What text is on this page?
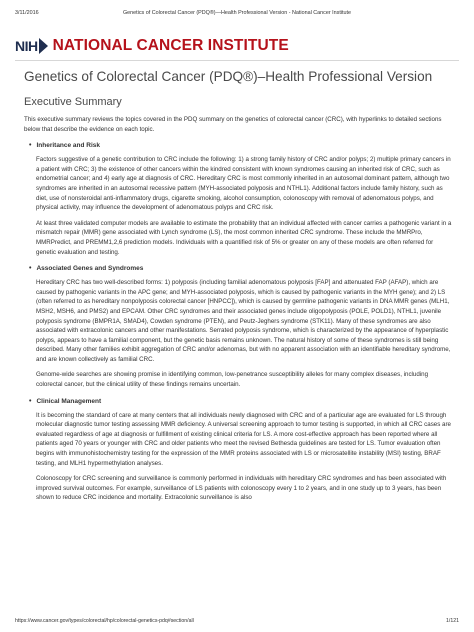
3/11/2016	Genetics of Colorectal Cancer (PDQ®)—Health Professional Version - National Cancer Institute
NIH NATIONAL CANCER INSTITUTE
Genetics of Colorectal Cancer (PDQ®)–Health Professional Version
Executive Summary

This executive summary reviews the topics covered in the PDQ summary on the genetics of colorectal cancer (CRC), with hyperlinks to detailed sections below that describe the evidence on each topic.

• Inheritance and Risk

Factors suggestive of a genetic contribution to CRC include the following: 1) a strong family history of CRC and/or polyps; 2) multiple primary cancers in a patient with CRC; 3) the existence of other cancers within the kindred consistent with known syndromes causing an inherited risk of CRC, such as endometrial cancer; and 4) early age at diagnosis of CRC. Hereditary CRC is most commonly inherited in an autosomal dominant pattern, although two syndromes are inherited in an autosomal recessive pattern (MYH-associated polyposis and NTHL1). Additional factors include family history, such as diet, use of nonsteroidal anti-inflammatory drugs, cigarette smoking, alcohol consumption, colonoscopy with removal of adenomatous polyps, and physical activity, may influence the development of adenomatous polyps and CRC risk.

At least three validated computer models are available to estimate the probability that an individual affected with cancer carries a pathogenic variant in a mismatch repair (MMR) gene associated with Lynch syndrome (LS), the most common inherited CRC syndrome. These include the MMRPro, MMRPredict, and PREMM1,2,6 prediction models. Individuals with a quantified risk of 5% or greater on any of these models are often referred for genetic evaluation and testing.

• Associated Genes and Syndromes

Hereditary CRC has two well-described forms: 1) polyposis (including familial adenomatous polyposis [FAP] and attenuated FAP (AFAP), which are caused by pathogenic variants in the APC gene; and MYH-associated polyposis, which is caused by pathogenic variants in the MYH gene); and 2) LS (often referred to as hereditary nonpolyposis colorectal cancer [HNPCC]), which is caused by germline pathogenic variants in DNA MMR genes (MLH1, MSH2, MSH6, and PMS2) and EPCAM. Other CRC syndromes and their associated genes include oligopolyposis (POLE, POLD1), NTHL1, juvenile polyposis syndrome (BMPR1A, SMAD4), Cowden syndrome (PTEN), and Peutz-Jeghers syndrome (STK11). Many of these syndromes are also associated with extracolonic cancers and other manifestations. Serrated polyposis syndrome, which is characterized by the appearance of hyperplastic polyps, appears to have a familial component, but the genetic basis remains unknown. The natural history of some of these syndromes is still being described. Many other families exhibit aggregation of CRC and/or adenomas, but with no apparent association with an identifiable hereditary syndrome, and are known collectively as familial CRC.

Genome-wide searches are showing promise in identifying common, low-penetrance susceptibility alleles for many complex diseases, including colorectal cancer, but the clinical utility of these findings remains uncertain.

• Clinical Management

It is becoming the standard of care at many centers that all individuals newly diagnosed with CRC and of a particular age are evaluated for LS through molecular diagnostic tumor testing assessing MMR deficiency. A universal screening approach to tumor testing is supported, in which all CRC cases are evaluated regardless of age at diagnosis or fulfillment of existing clinical criteria for LS. A more cost-effective approach has been reported where all patients aged 70 years or younger with CRC and older patients who meet the revised Bethesda guidelines are tested for LS. Tumor evaluation often begins with immunohistochemistry testing for the expression of the MMR proteins associated with LS or microsatellite instability (MSI) testing, BRAF testing, and MLH1 hypermethylation analyses.

Colonoscopy for CRC screening and surveillance is commonly performed in individuals with hereditary CRC syndromes and has been associated with improved survival outcomes. For example, surveillance of LS patients with colonoscopy every 1 to 2 years, and in one study up to 3 years, has been shown to reduce CRC incidence and mortality. Extracolonic surveillance is also

https://www.cancer.gov/types/colorectal/hp/colorectal-genetics-pdq#section/all	1/121
